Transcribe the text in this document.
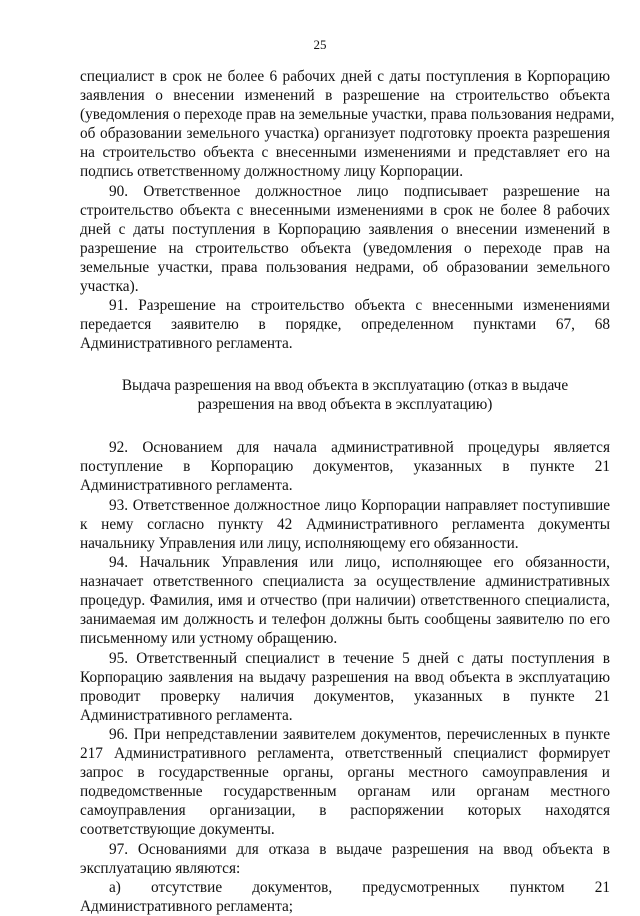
25
специалист в срок не более 6 рабочих дней с даты поступления в Корпорацию
заявления о внесении изменений в разрешение на строительство объекта
(уведомления о переходе прав на земельные участки, права пользования недрами,
об образовании земельного участка) организует подготовку проекта разрешения
на строительство объекта с внесенными изменениями и представляет его на
подпись ответственному должностному лицу Корпорации.
90. Ответственное должностное лицо подписывает разрешение на
строительство объекта с внесенными изменениями в срок не более 8 рабочих
дней с даты поступления в Корпорацию заявления о внесении изменений в
разрешение на строительство объекта (уведомления о переходе прав на
земельные участки, права пользования недрами, об образовании земельного
участка).
91. Разрешение на строительство объекта с внесенными изменениями
передается заявителю в порядке, определенном пунктами 67, 68
Административного регламента.
Выдача разрешения на ввод объекта в эксплуатацию (отказ в выдаче
разрешения на ввод объекта в эксплуатацию)
92. Основанием для начала административной процедуры является
поступление в Корпорацию документов, указанных в пункте 21
Административного регламента.
93. Ответственное должностное лицо Корпорации направляет поступившие
к нему согласно пункту 42 Административного регламента документы
начальнику Управления или лицу, исполняющему его обязанности.
94. Начальник Управления или лицо, исполняющее его обязанности,
назначает ответственного специалиста за осуществление административных
процедур. Фамилия, имя и отчество (при наличии) ответственного специалиста,
занимаемая им должность и телефон должны быть сообщены заявителю по его
письменному или устному обращению.
95. Ответственный специалист в течение 5 дней с даты поступления в
Корпорацию заявления на выдачу разрешения на ввод объекта в эксплуатацию
проводит проверку наличия документов, указанных в пункте 21
Административного регламента.
96. При непредставлении заявителем документов, перечисленных в пункте
217 Административного регламента, ответственный специалист формирует
запрос в государственные органы, органы местного самоуправления и
подведомственные государственным органам или органам местного
самоуправления организации, в распоряжении которых находятся
соответствующие документы.
97. Основаниями для отказа в выдаче разрешения на ввод объекта в
эксплуатацию являются:
а) отсутствие документов, предусмотренных пунктом 21
Административного регламента;
